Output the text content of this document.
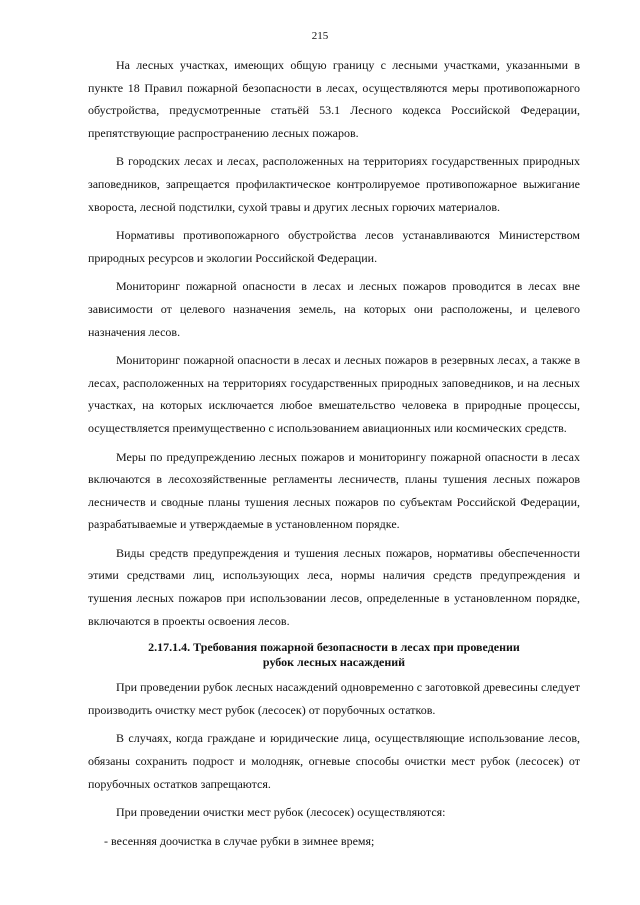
215

На лесных участках, имеющих общую границу с лесными участками, указанными в пункте 18 Правил пожарной безопасности в лесах, осуществляются меры противопожарного обустройства, предусмотренные статьёй 53.1 Лесного кодекса Российской Федерации, препятствующие распространению лесных пожаров.

В городских лесах и лесах, расположенных на территориях государственных природных заповедников, запрещается профилактическое контролируемое противопожарное выжигание хвороста, лесной подстилки, сухой травы и других лесных горючих материалов.

Нормативы противопожарного обустройства лесов устанавливаются Министерством природных ресурсов и экологии Российской Федерации.

Мониторинг пожарной опасности в лесах и лесных пожаров проводится в лесах вне зависимости от целевого назначения земель, на которых они расположены, и целевого назначения лесов.

Мониторинг пожарной опасности в лесах и лесных пожаров в резервных лесах, а также в лесах, расположенных на территориях государственных природных заповедников, и на лесных участках, на которых исключается любое вмешательство человека в природные процессы, осуществляется преимущественно с использованием авиационных или космических средств.

Меры по предупреждению лесных пожаров и мониторингу пожарной опасности в лесах включаются в лесохозяйственные регламенты лесничеств, планы тушения лесных пожаров лесничеств и сводные планы тушения лесных пожаров по субъектам Российской Федерации, разрабатываемые и утверждаемые в установленном порядке.

Виды средств предупреждения и тушения лесных пожаров, нормативы обеспеченности этими средствами лиц, использующих леса, нормы наличия средств предупреждения и тушения лесных пожаров при использовании лесов, определенные в установленном порядке, включаются в проекты освоения лесов.

2.17.1.4. Требования пожарной безопасности в лесах при проведении
рубок лесных насаждений

При проведении рубок лесных насаждений одновременно с заготовкой древесины следует производить очистку мест рубок (лесосек) от порубочных остатков.

В случаях, когда граждане и юридические лица, осуществляющие использование лесов, обязаны сохранить подрост и молодняк, огневые способы очистки мест рубок (лесосек) от порубочных остатков запрещаются.

При проведении очистки мест рубок (лесосек) осуществляются:

- весенняя доочистка в случае рубки в зимнее время;
